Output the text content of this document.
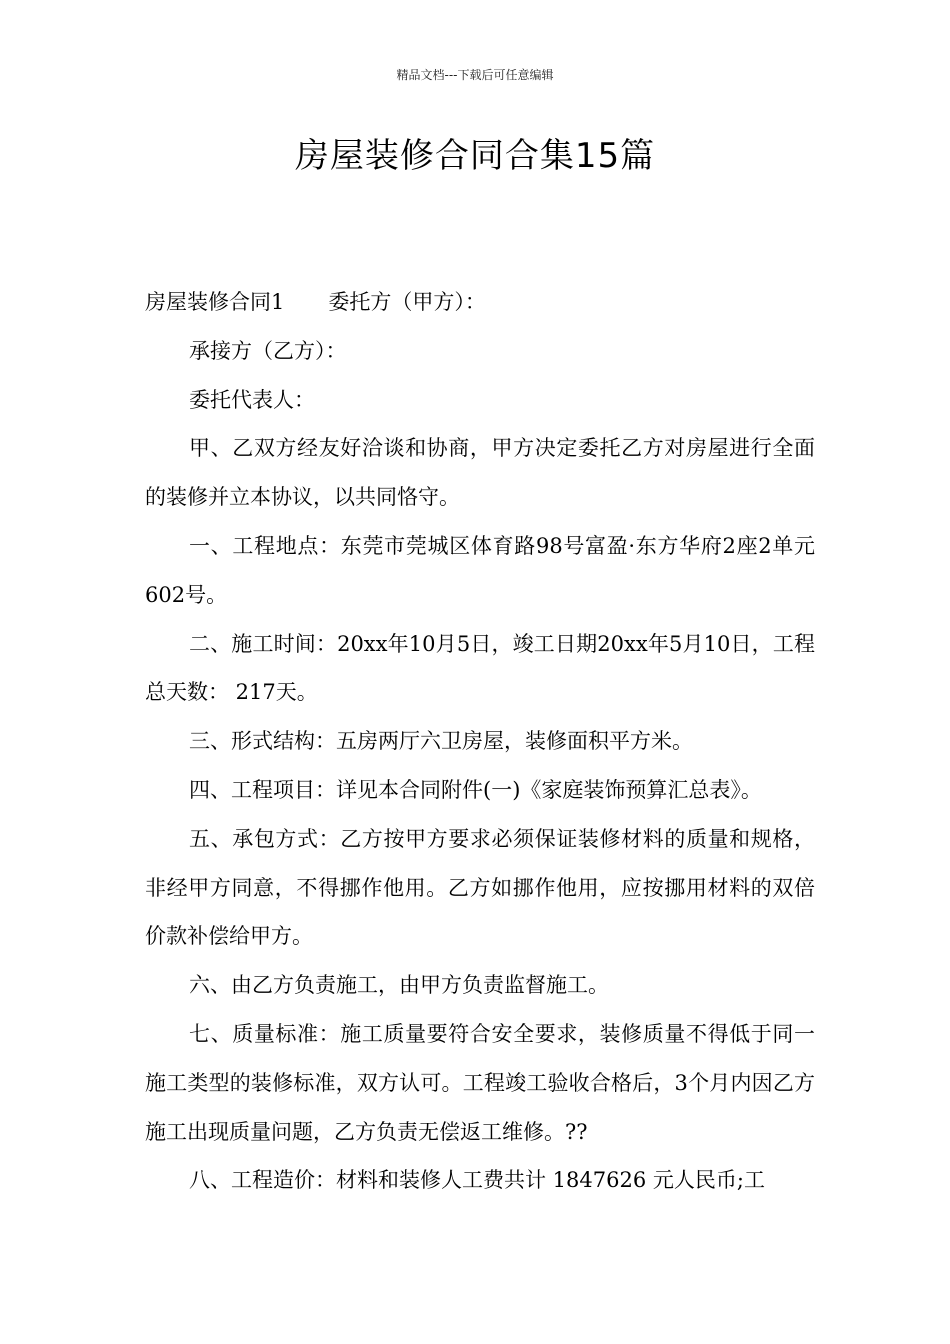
精品文档---下载后可任意编辑
房屋装修合同合集15篇

房屋装修合同1 委托方（甲方）：

承接方（乙方）：

委托代表人：

甲、乙双方经友好洽谈和协商，甲方决定委托乙方对房屋进行全面的装修并立本协议，以共同恪守。

一、工程地点：东莞市莞城区体育路98号富盈·东方华府2座2单元602号。

二、施工时间：20xx年10月5日，竣工日期20xx年5月10日，工程总天数： 217天。

三、形式结构：五房两厅六卫房屋，装修面积平方米。

四、工程项目：详见本合同附件(一)《家庭装饰预算汇总表》。

五、承包方式：乙方按甲方要求必须保证装修材料的质量和规格，非经甲方同意，不得挪作他用。乙方如挪作他用，应按挪用材料的双倍价款补偿给甲方。

六、由乙方负责施工，由甲方负责监督施工。

七、质量标准：施工质量要符合安全要求，装修质量不得低于同一施工类型的装修标准，双方认可。工程竣工验收合格后，3个月内因乙方施工出现质量问题，乙方负责无偿返工维修。??

八、工程造价：材料和装修人工费共计 1847626 元人民币;工
